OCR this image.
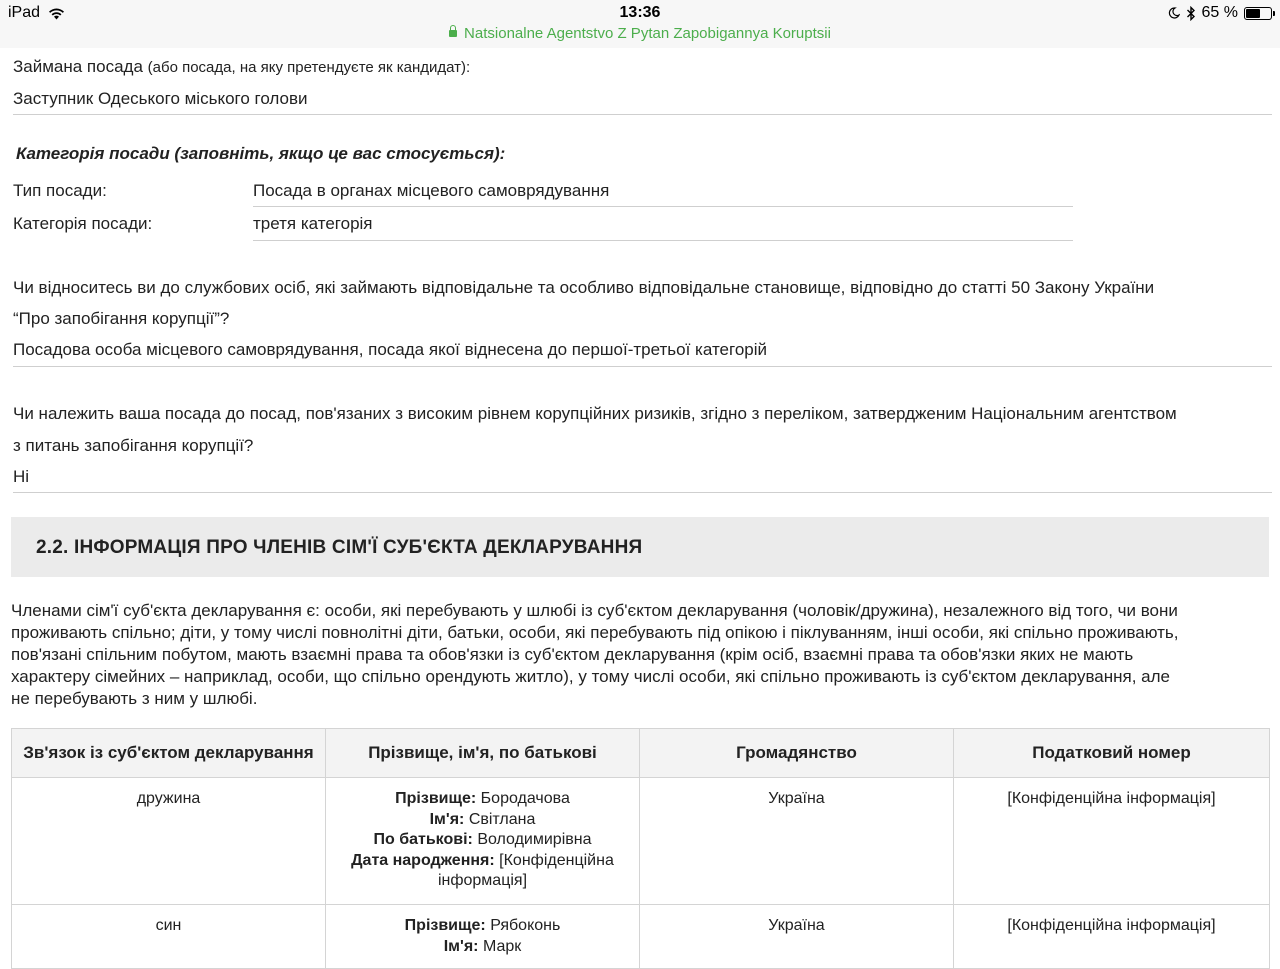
iPad	13:36
Natsionalne Agentstvo Z Pytan Zapobigannya Koruptsii
65 %
Займана посада (або посада, на яку претендуєте як кандидат):
Заступник Одеського міського голови
Категорія посади (заповніть, якщо це вас стосується):
Тип посади:	Посада в органах місцевого самоврядування
Категорія посади:	третя категорія
Чи відноситесь ви до службових осіб, які займають відповідальне та особливо відповідальне становище, відповідно до статті 50 Закону України
“Про запобігання корупції”?
Посадова особа місцевого самоврядування, посада якої віднесена до першої-третьої категорій
Чи належить ваша посада до посад, пов'язаних з високим рівнем корупційних ризиків, згідно з переліком, затвердженим Національним агентством
з питань запобігання корупції?
Ні
2.2. ІНФОРМАЦІЯ ПРО ЧЛЕНІВ СІМ'Ї СУБ'ЄКТА ДЕКЛАРУВАННЯ
Членами сім'ї суб'єкта декларування є: особи, які перебувають у шлюбі із суб'єктом декларування (чоловік/дружина), незалежного від того, чи вони
проживають спільно; діти, у тому числі повнолітні діти, батьки, особи, які перебувають під опікою і піклуванням, інші особи, які спільно проживають,
пов'язані спільним побутом, мають взаємні права та обов'язки із суб'єктом декларування (крім осіб, взаємні права та обов'язки яких не мають
характеру сімейних – наприклад, особи, що спільно орендують житло), у тому числі особи, які спільно проживають із суб'єктом декларування, але
не перебувають з ним у шлюбі.
Зв'язок із суб'єктом декларування	Прізвище, ім'я, по батькові	Громадянство	Податковий номер
дружина	Прізвище: Бородачова
Ім'я: Світлана
По батькові: Володимирівна
Дата народження: [Конфіденційна інформація]	Україна	[Конфіденційна інформація]
син	Прізвище: Рябоконь
Ім'я: Марк	Україна	[Конфіденційна інформація]
